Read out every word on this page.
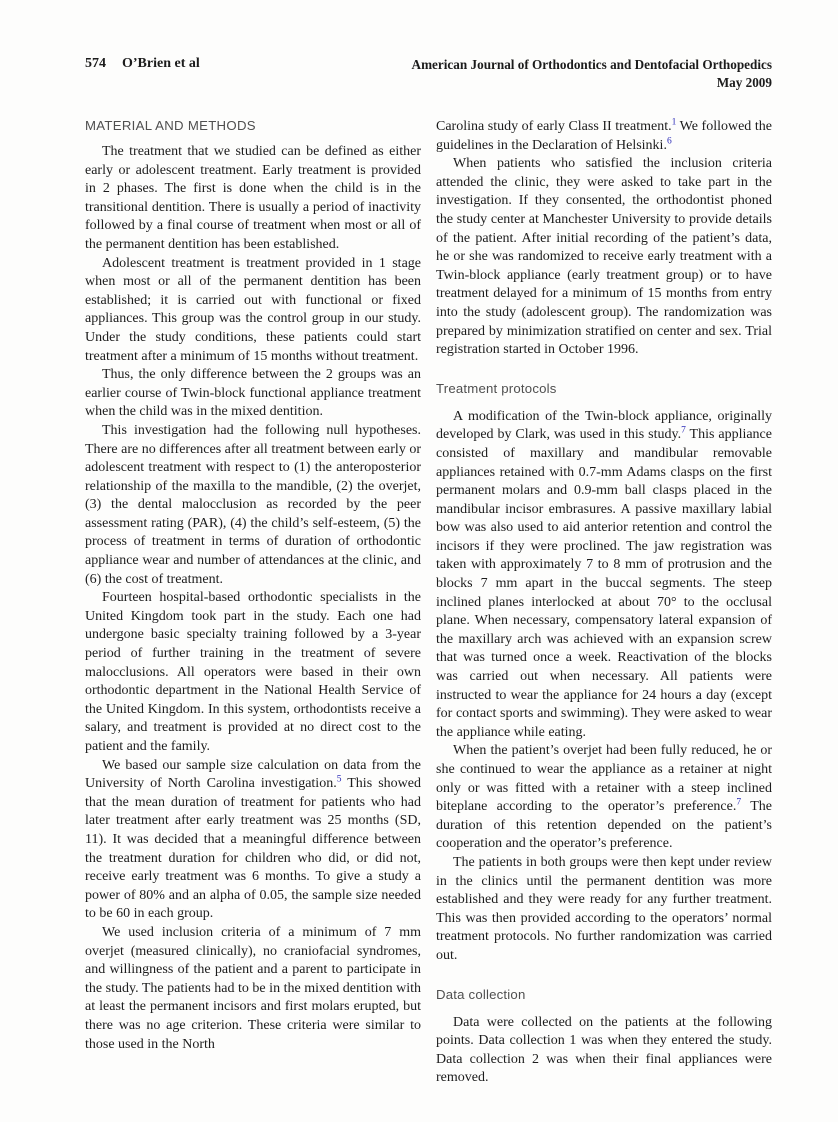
574 O’Brien et al	American Journal of Orthodontics and Dentofacial Orthopedics
May 2009
MATERIAL AND METHODS

The treatment that we studied can be defined as either early or adolescent treatment. Early treatment is provided in 2 phases. The first is done when the child is in the transitional dentition. There is usually a period of inactivity followed by a final course of treatment when most or all of the permanent dentition has been established.

Adolescent treatment is treatment provided in 1 stage when most or all of the permanent dentition has been established; it is carried out with functional or fixed appliances. This group was the control group in our study. Under the study conditions, these patients could start treatment after a minimum of 15 months without treatment.

Thus, the only difference between the 2 groups was an earlier course of Twin-block functional appliance treatment when the child was in the mixed dentition.

This investigation had the following null hypotheses. There are no differences after all treatment between early or adolescent treatment with respect to (1) the anteroposterior relationship of the maxilla to the mandible, (2) the overjet, (3) the dental malocclusion as recorded by the peer assessment rating (PAR), (4) the child’s self-esteem, (5) the process of treatment in terms of duration of orthodontic appliance wear and number of attendances at the clinic, and (6) the cost of treatment.

Fourteen hospital-based orthodontic specialists in the United Kingdom took part in the study. Each one had undergone basic specialty training followed by a 3-year period of further training in the treatment of severe malocclusions. All operators were based in their own orthodontic department in the National Health Service of the United Kingdom. In this system, orthodontists receive a salary, and treatment is provided at no direct cost to the patient and the family.

We based our sample size calculation on data from the University of North Carolina investigation.$^5$ This showed that the mean duration of treatment for patients who had later treatment after early treatment was 25 months (SD, 11). It was decided that a meaningful difference between the treatment duration for children who did, or did not, receive early treatment was 6 months. To give a study a power of 80% and an alpha of 0.05, the sample size needed to be 60 in each group.

We used inclusion criteria of a minimum of 7 mm overjet (measured clinically), no craniofacial syndromes, and willingness of the patient and a parent to participate in the study. The patients had to be in the mixed dentition with at least the permanent incisors and first molars erupted, but there was no age criterion. These criteria were similar to those used in the North

Carolina study of early Class II treatment.$^1$ We followed the guidelines in the Declaration of Helsinki.$^6$

When patients who satisfied the inclusion criteria attended the clinic, they were asked to take part in the investigation. If they consented, the orthodontist phoned the study center at Manchester University to provide details of the patient. After initial recording of the patient’s data, he or she was randomized to receive early treatment with a Twin-block appliance (early treatment group) or to have treatment delayed for a minimum of 15 months from entry into the study (adolescent group). The randomization was prepared by minimization stratified on center and sex. Trial registration started in October 1996.

Treatment protocols

A modification of the Twin-block appliance, originally developed by Clark, was used in this study.$^7$ This appliance consisted of maxillary and mandibular removable appliances retained with 0.7-mm Adams clasps on the first permanent molars and 0.9-mm ball clasps placed in the mandibular incisor embrasures. A passive maxillary labial bow was also used to aid anterior retention and control the incisors if they were proclined. The jaw registration was taken with approximately 7 to 8 mm of protrusion and the blocks 7 mm apart in the buccal segments. The steep inclined planes interlocked at about 70° to the occlusal plane. When necessary, compensatory lateral expansion of the maxillary arch was achieved with an expansion screw that was turned once a week. Reactivation of the blocks was carried out when necessary. All patients were instructed to wear the appliance for 24 hours a day (except for contact sports and swimming). They were asked to wear the appliance while eating.

When the patient’s overjet had been fully reduced, he or she continued to wear the appliance as a retainer at night only or was fitted with a retainer with a steep inclined biteplane according to the operator’s preference.$^7$ The duration of this retention depended on the patient’s cooperation and the operator’s preference.

The patients in both groups were then kept under review in the clinics until the permanent dentition was more established and they were ready for any further treatment. This was then provided according to the operators’ normal treatment protocols. No further randomization was carried out.

Data collection

Data were collected on the patients at the following points. Data collection 1 was when they entered the study. Data collection 2 was when their final appliances were removed.
